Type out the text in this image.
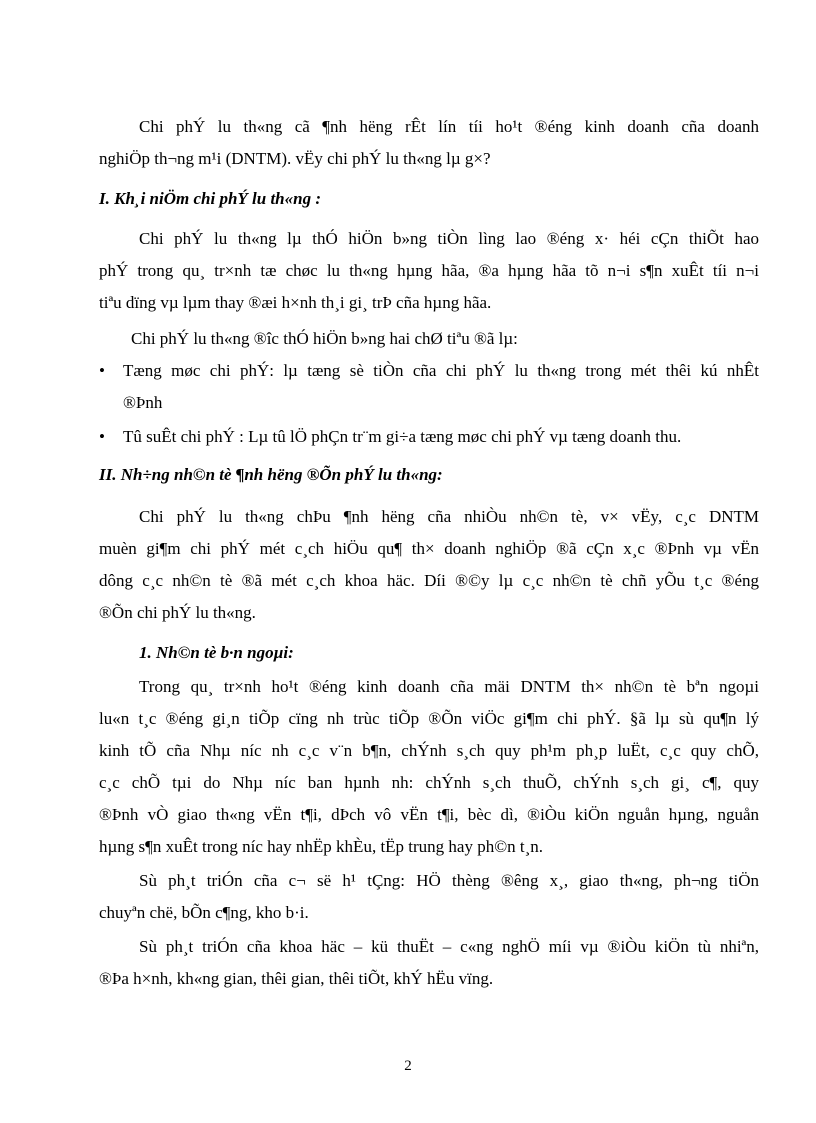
Chi phÝ lu th«ng cã ¶nh hëng rÊt lín tíi ho¹t ®éng kinh doanh cña doanh
nghiÖp th¬ng m¹i (DNTM). vËy chi phÝ lu th«ng lµ g×?
I. Kh¸i niÖm chi phÝ lu th«ng :
Chi phÝ lu th«ng lµ thÓ hiÖn b»ng tiÒn lìng lao ®éng x· héi cÇn thiÕt hao
phÝ trong qu¸ tr×nh tæ chøc lu th«ng hµng hãa, ®a hµng hãa tõ n¬i s¶n xuÊt tíi n¬i
tiªu dïng vµ lµm thay ®æi h×nh th¸i gi¸ trÞ cña hµng hãa.
Chi phÝ lu th«ng ®îc thÓ hiÖn b»ng hai chØ tiªu ®ã lµ:
• Tæng møc chi phÝ: lµ tæng sè tiÒn cña chi phÝ lu th«ng trong mét thêi kú nhÊt
®Þnh
• Tû suÊt chi phÝ : Lµ tû lÖ phÇn tr¨m gi÷a tæng møc chi phÝ vµ tæng doanh thu.
II. Nh÷ng nh©n tè ¶nh hëng ®Õn phÝ lu th«ng:
Chi phÝ lu th«ng chÞu ¶nh hëng cña nhiÒu nh©n tè, v× vËy, c¸c DNTM
muèn gi¶m chi phÝ mét c¸ch hiÖu qu¶ th× doanh nghiÖp ®ã cÇn x¸c ®Þnh vµ vËn
dông c¸c nh©n tè ®ã mét c¸ch khoa häc. Díi ®©y lµ c¸c nh©n tè chñ yÕu t¸c ®éng
®Õn chi phÝ lu th«ng.
1. Nh©n tè b·n ngoµi:
Trong qu¸ tr×nh ho¹t ®éng kinh doanh cña mäi DNTM th× nh©n tè bªn ngoµi
lu«n t¸c ®éng gi¸n tiÕp cïng nh trùc tiÕp ®Õn viÖc gi¶m chi phÝ. §ã lµ sù qu¶n lý
kinh tÕ cña Nhµ níc nh c¸c v¨n b¶n, chÝnh s¸ch quy ph¹m ph¸p luËt, c¸c quy chÕ,
c¸c chÕ tµi do Nhµ níc ban hµnh nh: chÝnh s¸ch thuÕ, chÝnh s¸ch gi¸ c¶, quy
®Þnh vÒ giao th«ng vËn t¶i, dÞch vô vËn t¶i, bèc dì, ®iÒu kiÖn nguån hµng, nguån
hµng s¶n xuÊt trong níc hay nhËp khÈu, tËp trung hay ph©n t¸n.
Sù ph¸t triÓn cña c¬ së h¹ tÇng: HÖ thèng ®êng x¸, giao th«ng, ph¬ng tiÖn
chuyªn chë, bÕn c¶ng, kho b·i.
Sù ph¸t triÓn cña khoa häc – kü thuËt – c«ng nghÖ míi vµ ®iÒu kiÖn tù nhiªn,
®Þa h×nh, kh«ng gian, thêi gian, thêi tiÕt, khÝ hËu vïng.
2
